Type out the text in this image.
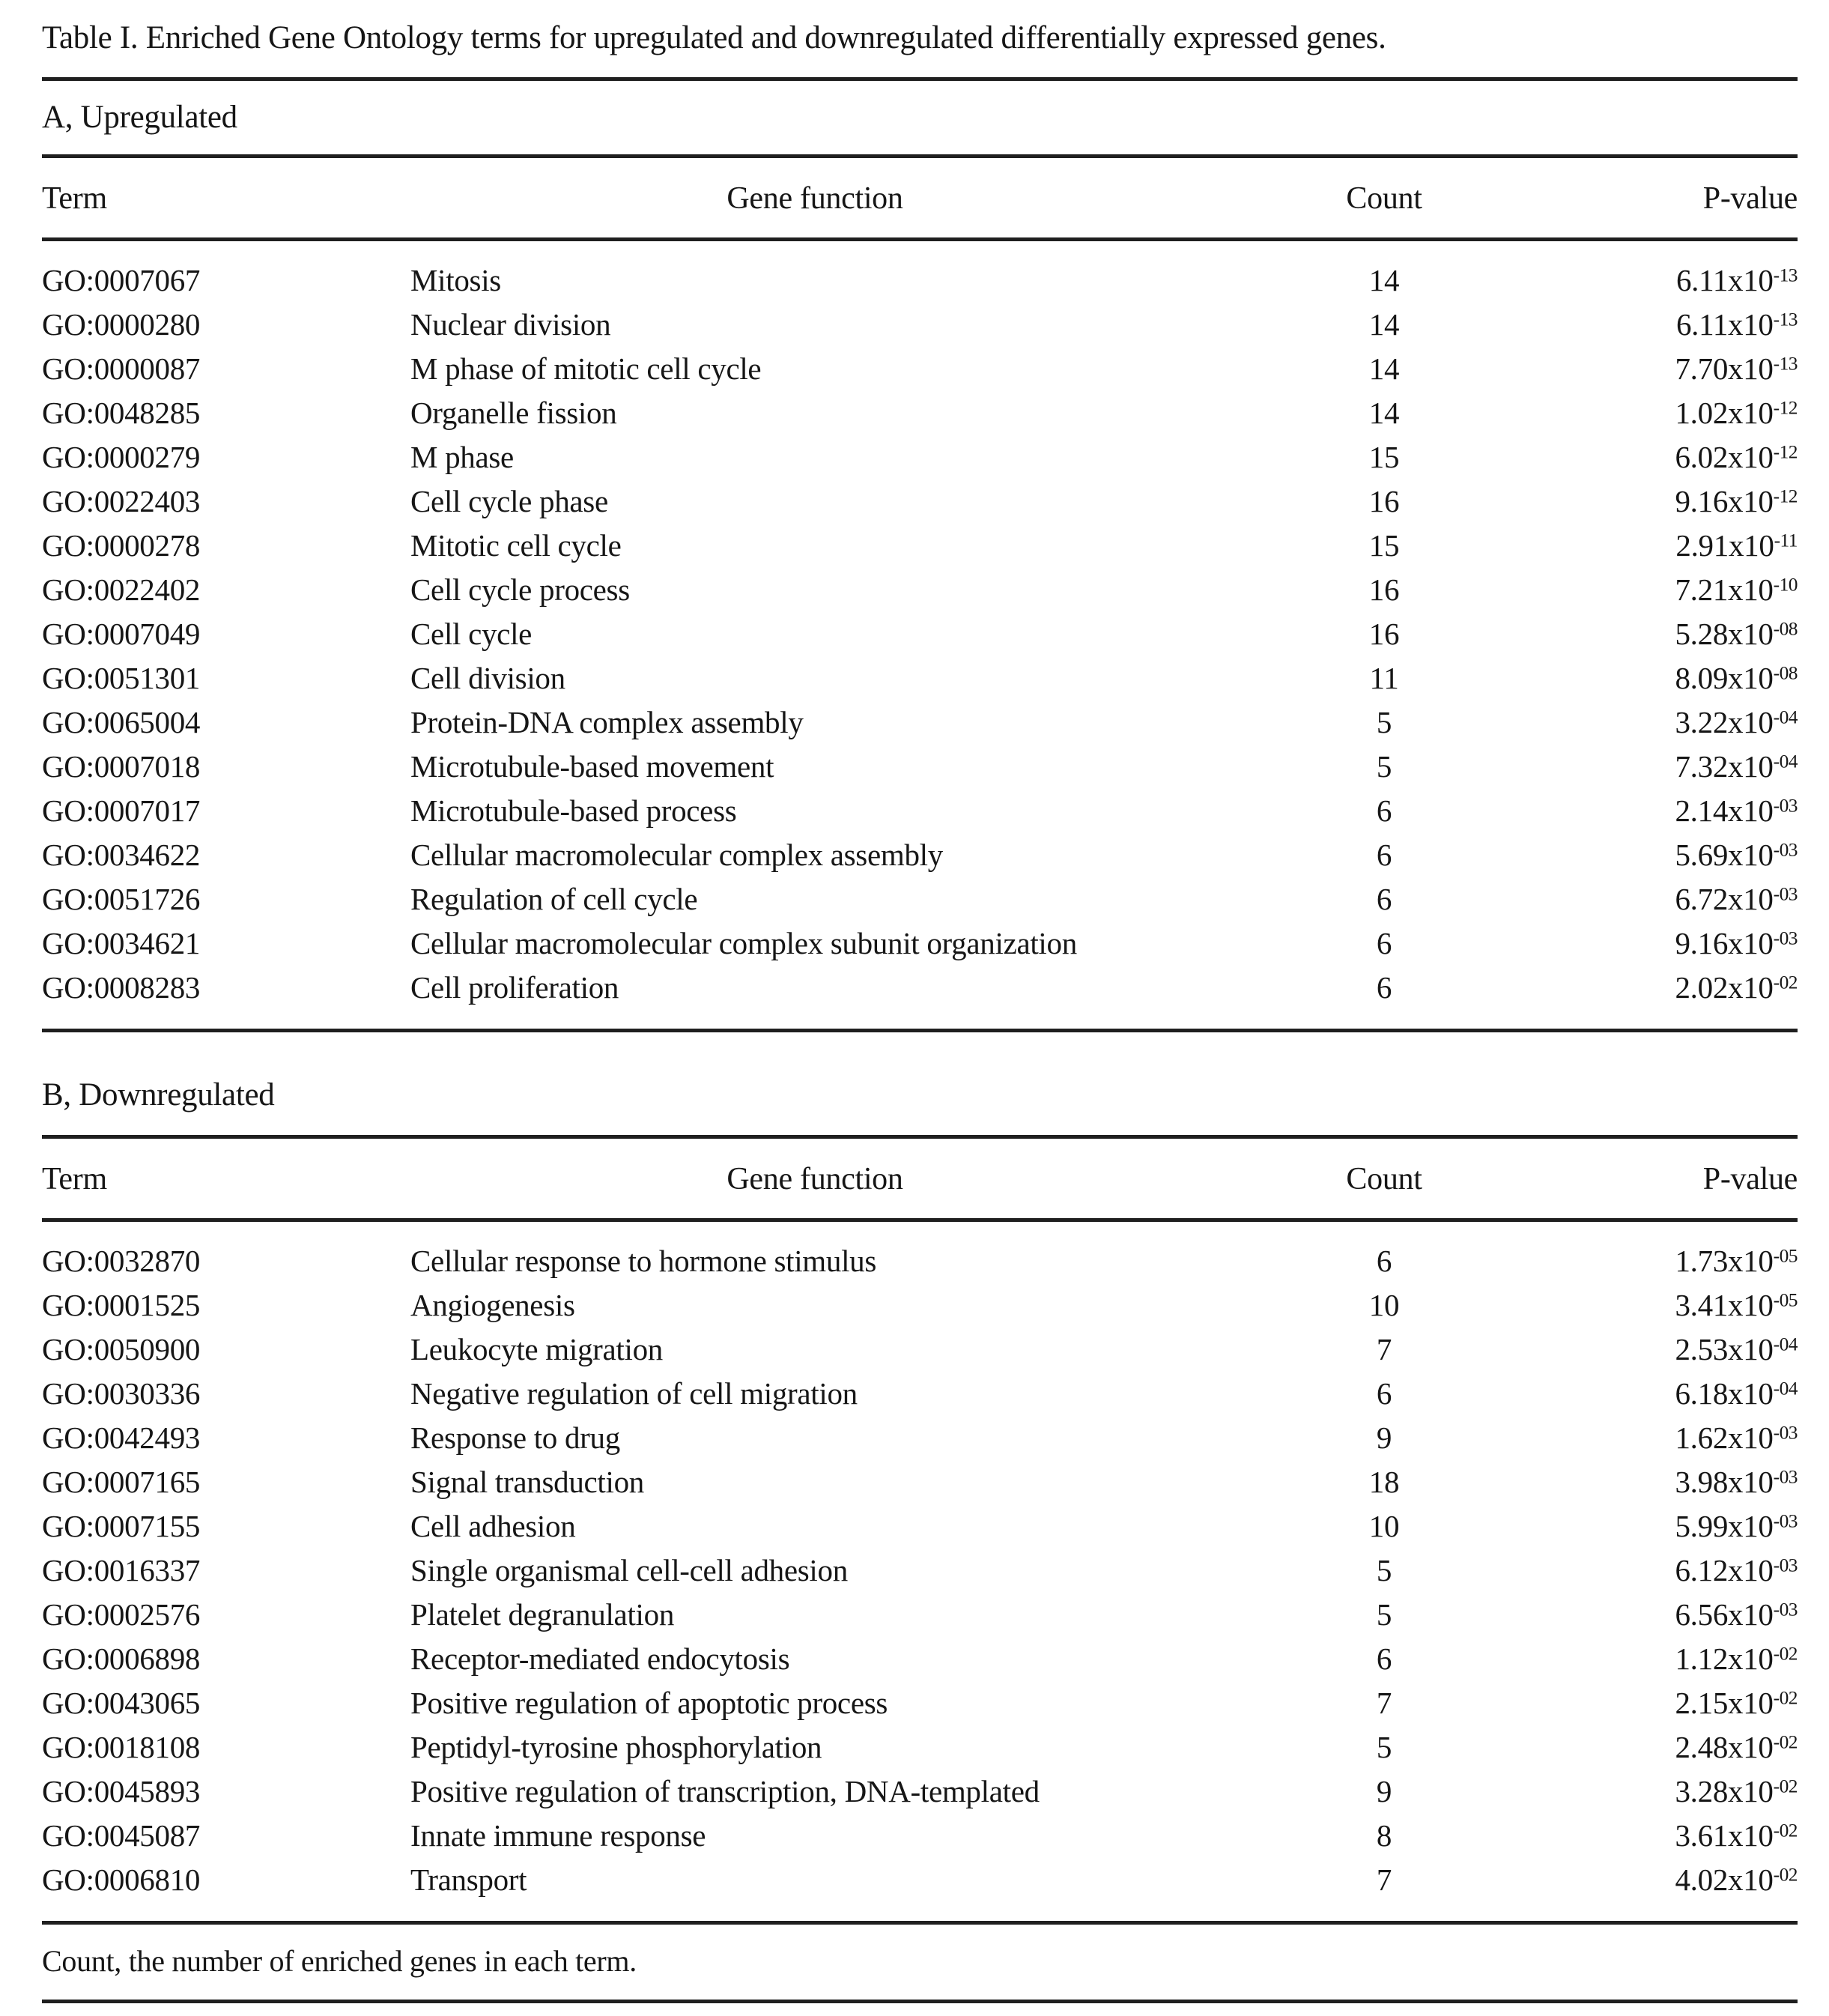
Table I. Enriched Gene Ontology terms for upregulated and downregulated differentially expressed genes.
A, Upregulated
Term	Gene function	Count	P-value
GO:0007067	Mitosis	14	$6.11x10^{-13}$
GO:0000280	Nuclear division	14	$6.11x10^{-13}$
GO:0000087	M phase of mitotic cell cycle	14	$7.70x10^{-13}$
GO:0048285	Organelle fission	14	$1.02x10^{-12}$
GO:0000279	M phase	15	$6.02x10^{-12}$
GO:0022403	Cell cycle phase	16	$9.16x10^{-12}$
GO:0000278	Mitotic cell cycle	15	$2.91x10^{-11}$
GO:0022402	Cell cycle process	16	$7.21x10^{-10}$
GO:0007049	Cell cycle	16	$5.28x10^{-08}$
GO:0051301	Cell division	11	$8.09x10^{-08}$
GO:0065004	Protein-DNA complex assembly	5	$3.22x10^{-04}$
GO:0007018	Microtubule-based movement	5	$7.32x10^{-04}$
GO:0007017	Microtubule-based process	6	$2.14x10^{-03}$
GO:0034622	Cellular macromolecular complex assembly	6	$5.69x10^{-03}$
GO:0051726	Regulation of cell cycle	6	$6.72x10^{-03}$
GO:0034621	Cellular macromolecular complex subunit organization	6	$9.16x10^{-03}$
GO:0008283	Cell proliferation	6	$2.02x10^{-02}$
B, Downregulated
Term	Gene function	Count	P-value
GO:0032870	Cellular response to hormone stimulus	6	$1.73x10^{-05}$
GO:0001525	Angiogenesis	10	$3.41x10^{-05}$
GO:0050900	Leukocyte migration	7	$2.53x10^{-04}$
GO:0030336	Negative regulation of cell migration	6	$6.18x10^{-04}$
GO:0042493	Response to drug	9	$1.62x10^{-03}$
GO:0007165	Signal transduction	18	$3.98x10^{-03}$
GO:0007155	Cell adhesion	10	$5.99x10^{-03}$
GO:0016337	Single organismal cell-cell adhesion	5	$6.12x10^{-03}$
GO:0002576	Platelet degranulation	5	$6.56x10^{-03}$
GO:0006898	Receptor-mediated endocytosis	6	$1.12x10^{-02}$
GO:0043065	Positive regulation of apoptotic process	7	$2.15x10^{-02}$
GO:0018108	Peptidyl-tyrosine phosphorylation	5	$2.48x10^{-02}$
GO:0045893	Positive regulation of transcription, DNA-templated	9	$3.28x10^{-02}$
GO:0045087	Innate immune response	8	$3.61x10^{-02}$
GO:0006810	Transport	7	$4.02x10^{-02}$
Count, the number of enriched genes in each term.
